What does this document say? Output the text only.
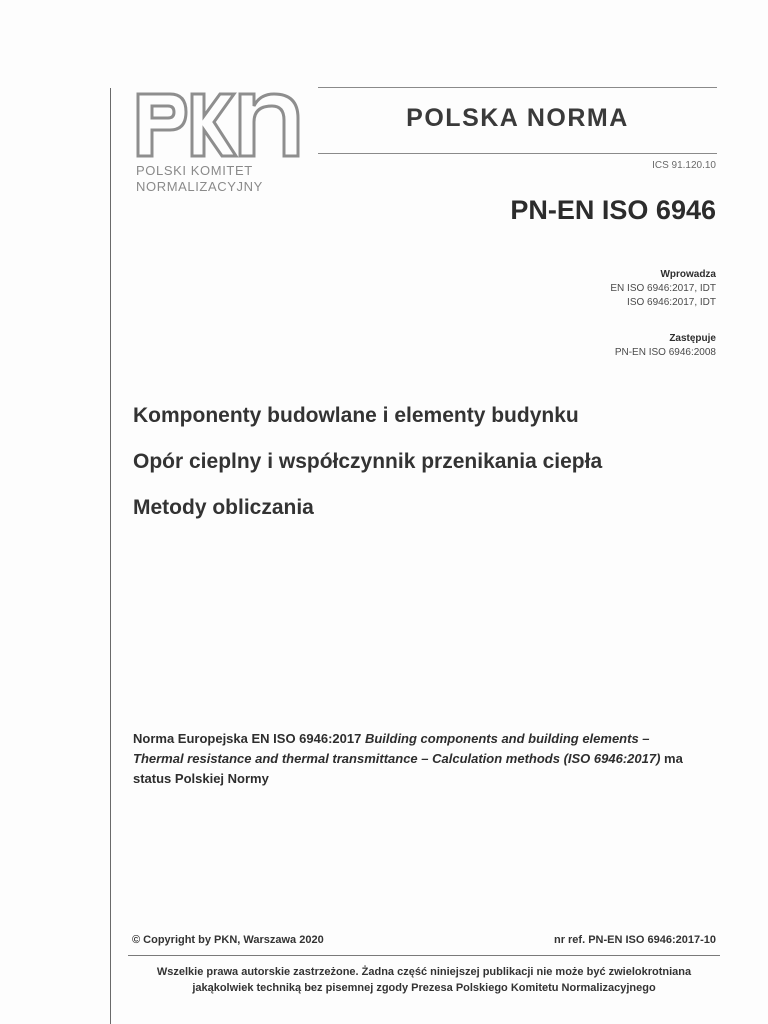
POLSKI KOMITET
NORMALIZACYJNY
POLSKA NORMA
ICS 91.120.10
PN-EN ISO 6946
Wprowadza
EN ISO 6946:2017, IDT
ISO 6946:2017, IDT
Zastępuje
PN-EN ISO 6946:2008
Komponenty budowlane i elementy budynku
Opór cieplny i współczynnik przenikania ciepła
Metody obliczania
Norma Europejska EN ISO 6946:2017 Building components and building elements – Thermal resistance and thermal transmittance – Calculation methods (ISO 6946:2017) ma status Polskiej Normy
© Copyright by PKN, Warszawa 2020	nr ref. PN-EN ISO 6946:2017-10
Wszelkie prawa autorskie zastrzeżone. Żadna część niniejszej publikacji nie może być zwielokrotniana jakąkolwiek techniką bez pisemnej zgody Prezesa Polskiego Komitetu Normalizacyjnego
